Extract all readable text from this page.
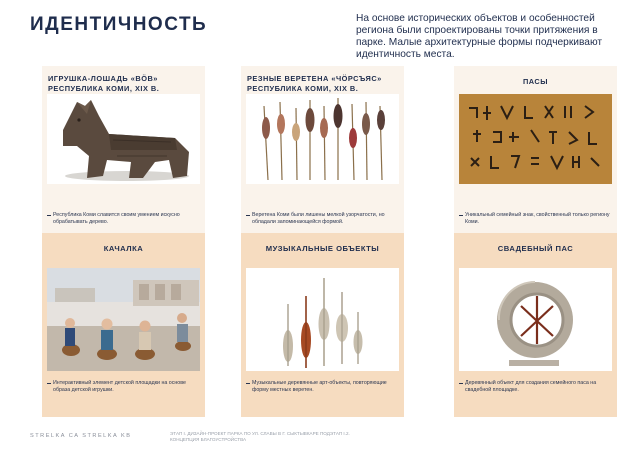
ИДЕНТИЧНОСТЬ	На основе исторических объектов и особенностей региона были спроектированы точки притяжения в парке. Малые архитектурные формы подчеркивают идентичность места.
ИГРУШКА-ЛОШАДЬ «ВÖВ»
РЕСПУБЛИКА КОМИ, XIX В.
Республика Коми славится своим умением искусно обрабатывать дерево.
КАЧАЛКА
Интерактивный элемент детской площадки на основе образа детской игрушки.
РЕЗНЫЕ ВЕРЕТЕНА «ЧÖРСЪЯС»
РЕСПУБЛИКА КОМИ, XIX В.
Веретена Коми были лишены мелкой узорчатости, но обладали запоминающейся формой.
МУЗЫКАЛЬНЫЕ ОБЪЕКТЫ
Музыкальные деревянные арт-объекты, повторяющие форму местных веретен.
ПАСЫ
Уникальный семейный знак, свойственный только региону Коми.
СВАДЕБНЫЙ ПАС
Деревянный объект для создания семейного паса на свадебной площадке.
STRELKA CA STRELKA KB	ЭТАП I. ДИЗАЙН-ПРОЕКТ ПАРКА ПО УЛ. СЛАВЫ В Г. СЫКТЫВКАРЕ ПОДЭТАП I.2. КОНЦЕПЦИЯ БЛАГОУСТРОЙСТВА
